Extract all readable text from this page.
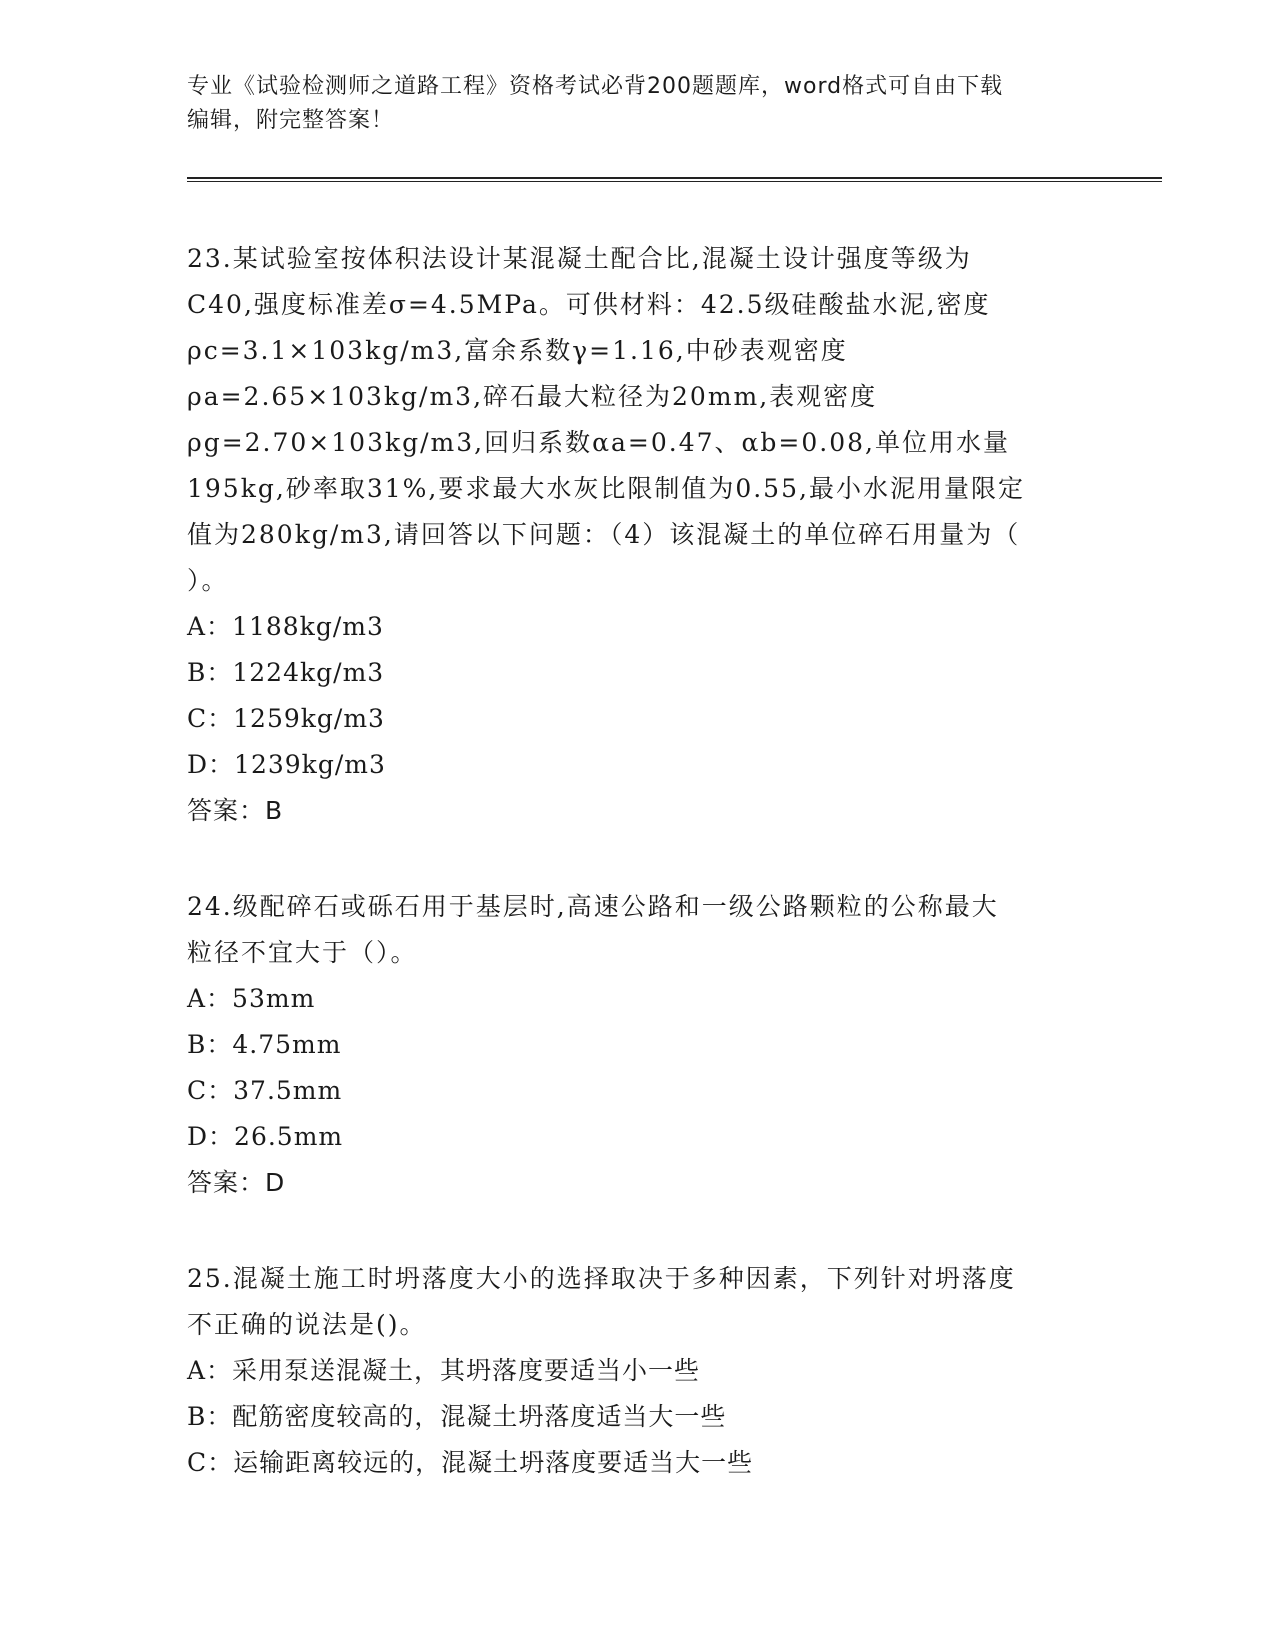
专业《试验检测师之道路工程》资格考试必背200题题库，word格式可自由下载
编辑，附完整答案！
23.某试验室按体积法设计某混凝土配合比,混凝土设计强度等级为
C40,强度标准差σ=4.5MPa。可供材料：42.5级硅酸盐水泥,密度
ρc=3.1×103kg/m3,富余系数γ=1.16,中砂表观密度
ρa=2.65×103kg/m3,碎石最大粒径为20mm,表观密度
ρg=2.70×103kg/m3,回归系数αa=0.47、αb=0.08,单位用水量
195kg,砂率取31%,要求最大水灰比限制值为0.55,最小水泥用量限定
值为280kg/m3,请回答以下问题：（4）该混凝土的单位碎石用量为（
）。
A：1188kg/m3
B：1224kg/m3
C：1259kg/m3
D：1239kg/m3
答案：B
24.级配碎石或砾石用于基层时,高速公路和一级公路颗粒的公称最大
粒径不宜大于（）。
A：53mm
B：4.75mm
C：37.5mm
D：26.5mm
答案：D
25.混凝土施工时坍落度大小的选择取决于多种因素，下列针对坍落度
不正确的说法是()。
A：采用泵送混凝土，其坍落度要适当小一些
B：配筋密度较高的，混凝土坍落度适当大一些
C：运输距离较远的，混凝土坍落度要适当大一些
